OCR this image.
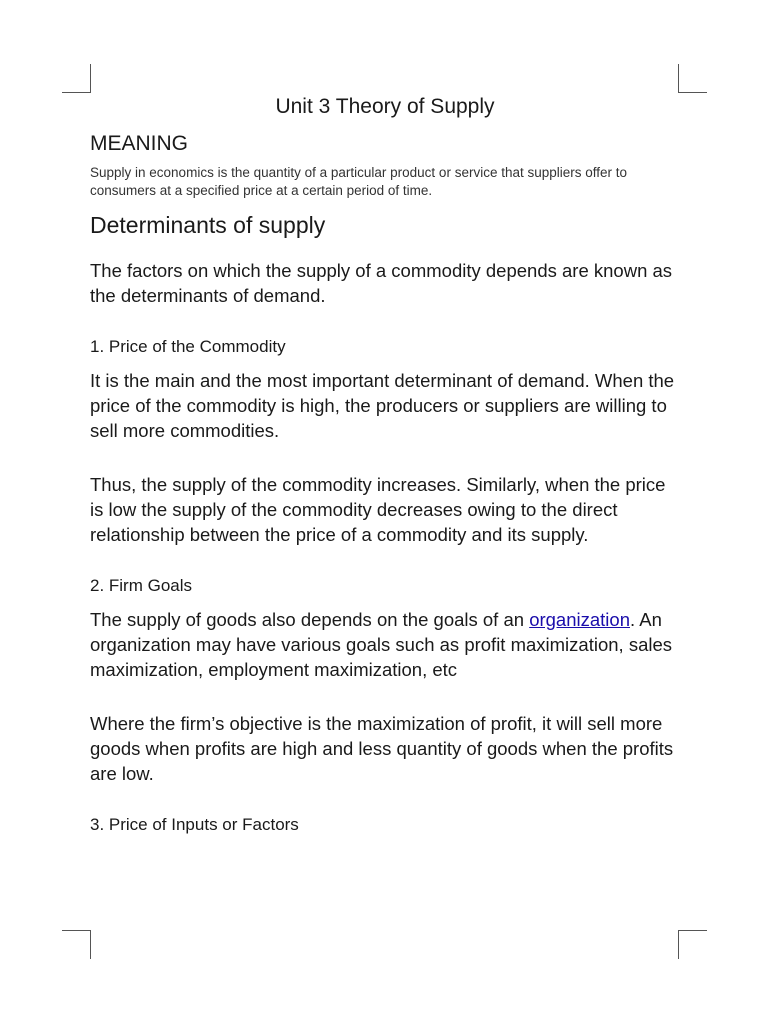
Unit 3 Theory of Supply
MEANING

Supply in economics is the quantity of a particular product or service that suppliers offer to consumers at a specified price at a certain period of time.

Determinants of supply

The factors on which the supply of a commodity depends are known as the determinants of demand.

1. Price of the Commodity

It is the main and the most important determinant of demand. When the price of the commodity is high, the producers or suppliers are willing to sell more commodities.

Thus, the supply of the commodity increases. Similarly, when the price is low the supply of the commodity decreases owing to the direct relationship between the price of a commodity and its supply.

2. Firm Goals

The supply of goods also depends on the goals of an organization. An organization may have various goals such as profit maximization, sales maximization, employment maximization, etc

Where the firm’s objective is the maximization of profit, it will sell more goods when profits are high and less quantity of goods when the profits are low.

3. Price of Inputs or Factors
